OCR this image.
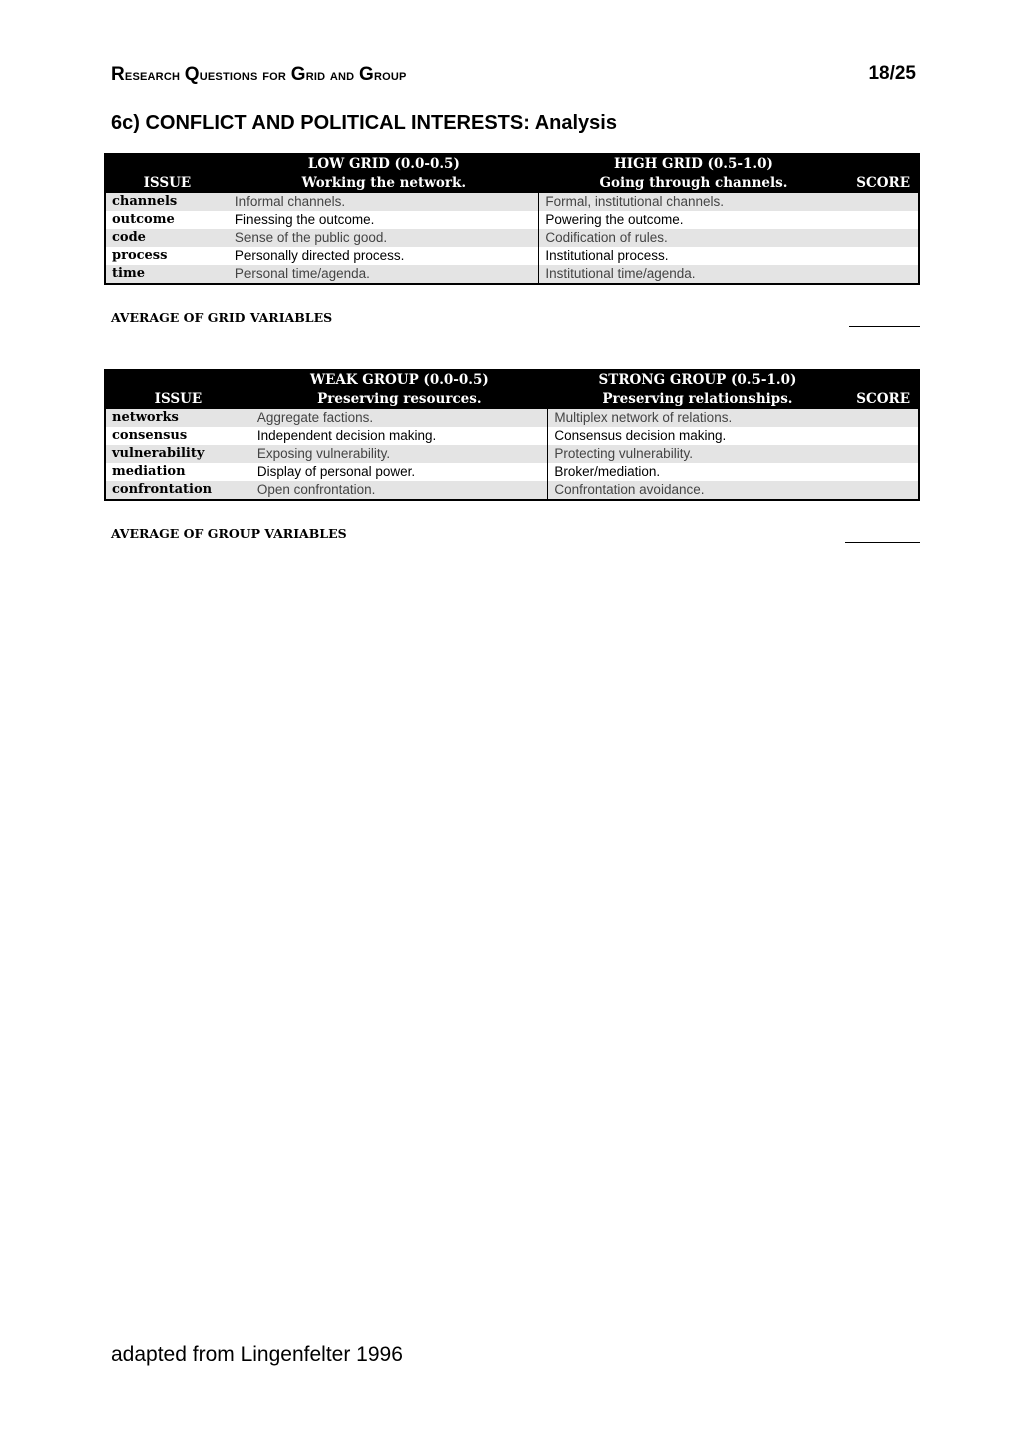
Research Questions for Grid and Group	18/25
6c) CONFLICT AND POLITICAL INTERESTS: Analysis
	LOW GRID (0.0-0.5)	HIGH GRID (0.5-1.0)	
ISSUE	Working the network.	Going through channels.	SCORE
channels	Informal channels.	Formal, institutional channels.	
outcome	Finessing the outcome.	Powering the outcome.	
code	Sense of the public good.	Codification of rules.	
process	Personally directed process.	Institutional process.	
time	Personal time/agenda.	Institutional time/agenda.	
AVERAGE OF GRID VARIABLES
	WEAK GROUP (0.0-0.5)	STRONG GROUP (0.5-1.0)	
ISSUE	Preserving resources.	Preserving relationships.	SCORE
networks	Aggregate factions.	Multiplex network of relations.	
consensus	Independent decision making.	Consensus decision making.	
vulnerability	Exposing vulnerability.	Protecting vulnerability.	
mediation	Display of personal power.	Broker/mediation.	
confrontation	Open confrontation.	Confrontation avoidance.	
AVERAGE OF GROUP VARIABLES
adapted from Lingenfelter 1996
